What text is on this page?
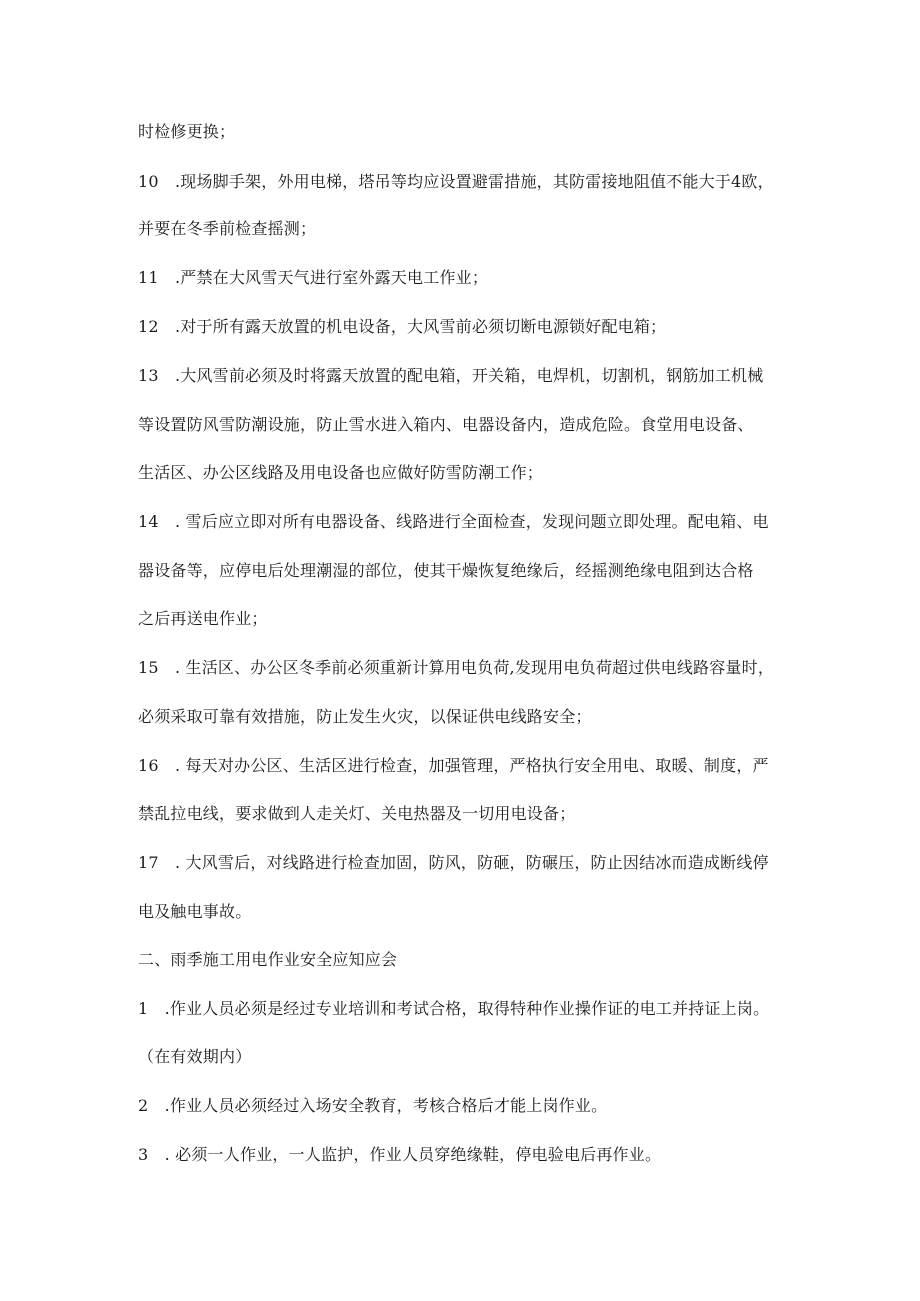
时检修更换；
10　.现场脚手架，外用电梯，塔吊等均应设置避雷措施，其防雷接地阻值不能大于4欧，
并要在冬季前检查摇测；
11　.严禁在大风雪天气进行室外露天电工作业；
12　.对于所有露天放置的机电设备，大风雪前必须切断电源锁好配电箱；
13　.大风雪前必须及时将露天放置的配电箱，开关箱，电焊机，切割机，钢筋加工机械
等设置防风雪防潮设施，防止雪水进入箱内、电器设备内，造成危险。食堂用电设备、
生活区、办公区线路及用电设备也应做好防雪防潮工作；
14　. 雪后应立即对所有电器设备、线路进行全面检查，发现问题立即处理。配电箱、电
器设备等，应停电后处理潮湿的部位，使其干燥恢复绝缘后，经摇测绝缘电阻到达合格
之后再送电作业；
15　. 生活区、办公区冬季前必须重新计算用电负荷,发现用电负荷超过供电线路容量时，
必须采取可靠有效措施，防止发生火灾，以保证供电线路安全；
16　. 每天对办公区、生活区进行检查，加强管理，严格执行安全用电、取暖、制度，严
禁乱拉电线，要求做到人走关灯、关电热器及一切用电设备；
17　. 大风雪后，对线路进行检查加固，防风，防砸，防碾压，防止因结冰而造成断线停
电及触电事故。
二、雨季施工用电作业安全应知应会
1　.作业人员必须是经过专业培训和考试合格，取得特种作业操作证的电工并持证上岗。
（在有效期内）
2　.作业人员必须经过入场安全教育，考核合格后才能上岗作业。
3　. 必须一人作业，一人监护，作业人员穿绝缘鞋，停电验电后再作业。
